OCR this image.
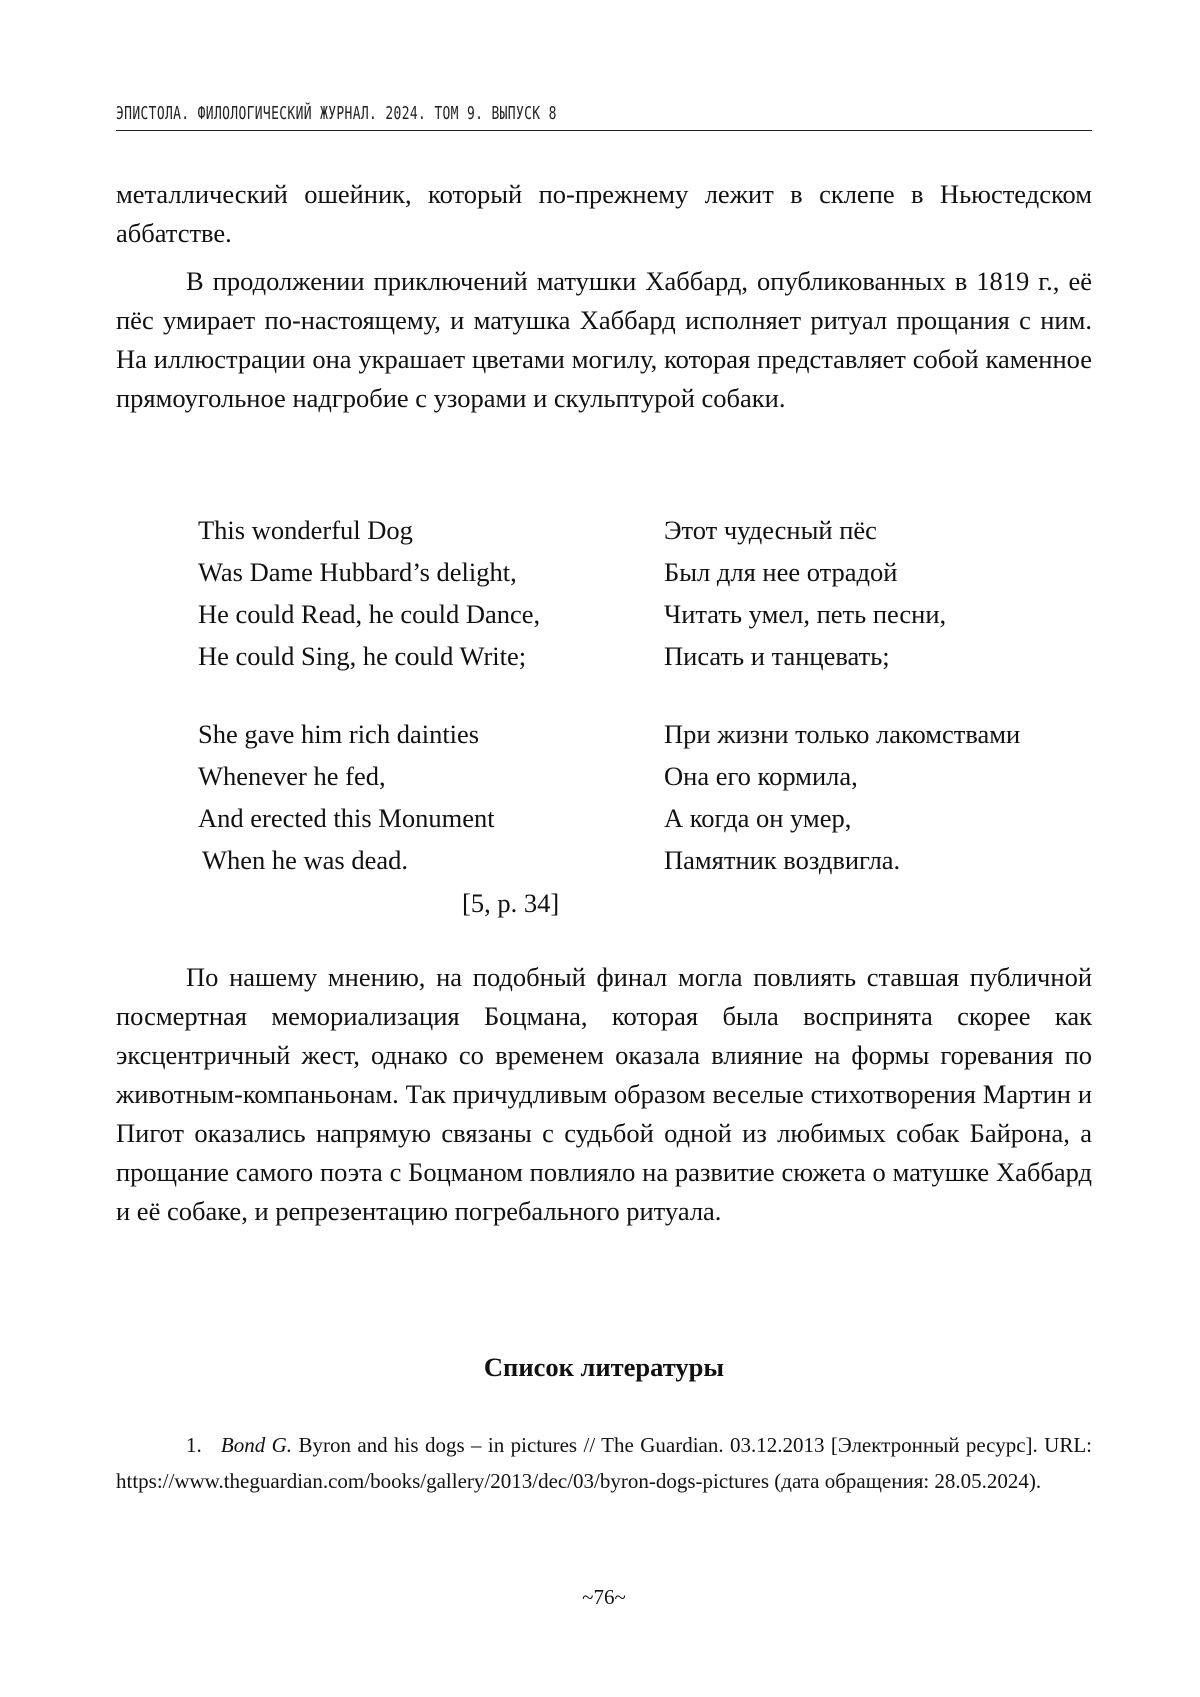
ЭПИСТОЛА. ФИЛОЛОГИЧЕСКИЙ ЖУРНАЛ. 2024. ТОМ 9. ВЫПУСК 8

металлический ошейник, который по-прежнему лежит в склепе в Ньюстедском аббатстве.

В продолжении приключений матушки Хаббард, опубликованных в 1819 г., её пёс умирает по-настоящему, и матушка Хаббард исполняет ритуал прощания с ним. На иллюстрации она украшает цветами могилу, которая представляет собой каменное прямоугольное надгробие с узорами и скульптурой собаки.

This wonderful Dog
Was Dame Hubbard’s delight,
He could Read, he could Dance,
He could Sing, he could Write;
Этот чудесный пёс
Был для нее отрадой
Читать умел, петь песни,
Писать и танцевать;
She gave him rich dainties
Whenever he fed,
And erected this Monument
When he was dead.
При жизни только лакомствами
Она его кормила,
А когда он умер,
Памятник воздвигла.
[5, p. 34]

По нашему мнению, на подобный финал могла повлиять ставшая публичной посмертная мемориализация Боцмана, которая была воспринята скорее как эксцентричный жест, однако со временем оказала влияние на формы горевания по животным-компаньонам. Так причудливым образом веселые стихотворения Мартин и Пигот оказались напрямую связаны с судьбой одной из любимых собак Байрона, а прощание самого поэта с Боцманом повлияло на развитие сюжета о матушке Хаббард и её собаке, и репрезентацию погребального ритуала.

Список литературы

1. Bond G. Byron and his dogs – in pictures // The Guardian. 03.12.2013 [Электронный ресурс]. URL: https://www.theguardian.com/books/gallery/2013/dec/03/byron-dogs-pictures (дата обращения: 28.05.2024).

~76~
